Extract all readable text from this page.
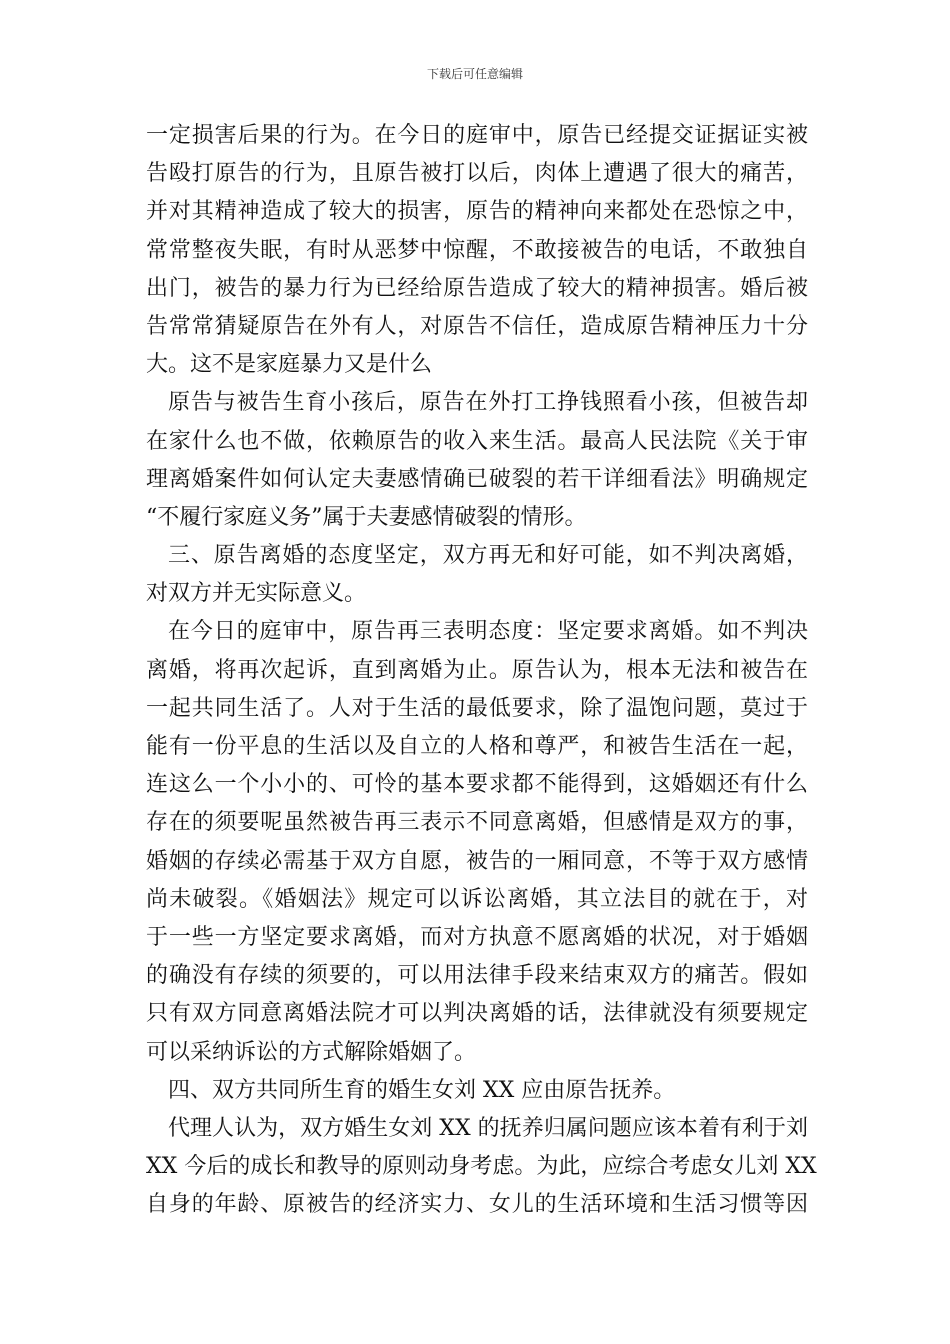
下载后可任意编辑
一定损害后果的行为。在今日的庭审中，原告已经提交证据证实被
告殴打原告的行为，且原告被打以后，肉体上遭遇了很大的痛苦，
并对其精神造成了较大的损害，原告的精神向来都处在恐惊之中，
常常整夜失眠，有时从恶梦中惊醒，不敢接被告的电话，不敢独自
出门，被告的暴力行为已经给原告造成了较大的精神损害。婚后被
告常常猜疑原告在外有人，对原告不信任，造成原告精神压力十分
大。这不是家庭暴力又是什么
原告与被告生育小孩后，原告在外打工挣钱照看小孩，但被告却
在家什么也不做，依赖原告的收入来生活。最高人民法院《关于审
理离婚案件如何认定夫妻感情确已破裂的若干详细看法》明确规定
“不履行家庭义务”属于夫妻感情破裂的情形。
三、原告离婚的态度坚定，双方再无和好可能，如不判决离婚，
对双方并无实际意义。
在今日的庭审中，原告再三表明态度：坚定要求离婚。如不判决
离婚，将再次起诉，直到离婚为止。原告认为，根本无法和被告在
一起共同生活了。人对于生活的最低要求，除了温饱问题，莫过于
能有一份平息的生活以及自立的人格和尊严，和被告生活在一起，
连这么一个小小的、可怜的基本要求都不能得到，这婚姻还有什么
存在的须要呢虽然被告再三表示不同意离婚，但感情是双方的事，
婚姻的存续必需基于双方自愿，被告的一厢同意，不等于双方感情
尚未破裂。《婚姻法》规定可以诉讼离婚，其立法目的就在于，对
于一些一方坚定要求离婚，而对方执意不愿离婚的状况，对于婚姻
的确没有存续的须要的，可以用法律手段来结束双方的痛苦。假如
只有双方同意离婚法院才可以判决离婚的话，法律就没有须要规定
可以采纳诉讼的方式解除婚姻了。
四、双方共同所生育的婚生女刘 XX 应由原告抚养。
代理人认为，双方婚生女刘 XX 的抚养归属问题应该本着有利于刘
XX 今后的成长和教导的原则动身考虑。为此，应综合考虑女儿刘 XX
自身的年龄、原被告的经济实力、女儿的生活环境和生活习惯等因
